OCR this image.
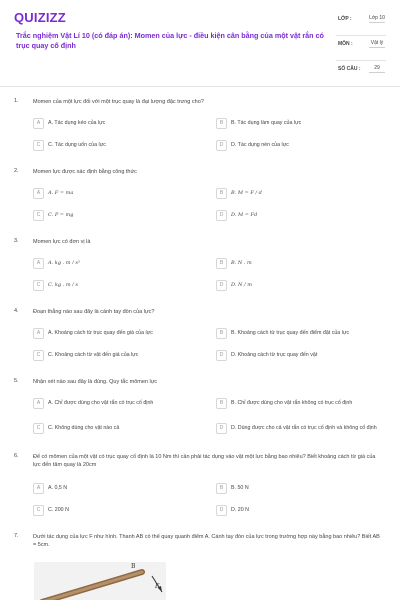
QUIZIZZ
Trắc nghiệm Vật Lí 10 (có đáp án): Momen của lực - điều kiện cân bằng của một vật rắn có trục quay cố định
LỚP :	Lớp 10
MÔN :	Vật lý
SỐ CÂU :	29
1.	Momen của một lực đối với một trục quay là đại lượng đặc trưng cho?
A	A. Tác dụng kéo của lực	B	B. Tác dụng làm quay của lực
C	C. Tác dụng uốn của lực	D	D. Tác dụng nén của lực
2.	Momen lực được xác định bằng công thức
A	A. F = ma	B	B. M = F / d
C	C. P = mg	D	D. M = Fd
3.	Momen lực có đơn vị là
A	A. kg . m / s²	B	B. N . m
C	C. kg . m / s	D	D. N / m
4.	Đoạn thẳng nào sau đây là cánh tay đòn của lực?
A	A. Khoảng cách từ trục quay đến giá của lực	B	B. Khoảng cách từ trục quay đến điểm đặt của lực
C	C. Khoảng cách từ vật đến giá của lực	D	D. Khoảng cách từ trục quay đến vật
5.	Nhận xét nào sau đây là đúng. Quy tắc mômen lực
A	A. Chỉ được dùng cho vật rắn có trục cố định	B	B. Chỉ được dùng cho vật rắn không có trục cố định
C	C. Không dùng cho vật nào cả	D	D. Dùng được cho cả vật rắn có trục cố định và không cố định
6.	Để có mômen của một vật có trục quay cố định là 10 Nm thì cần phải tác dụng vào vật một lực bằng bao nhiêu? Biết khoảng cách từ giá của lực đến tâm quay là 20cm
A	A. 0,5 N	B	B. 50 N
C	C. 200 N	D	D. 20 N
7.	Dưới tác dụng của lực F như hình. Thanh AB có thể quay quanh điểm A. Cánh tay đòn của lực trong trường hợp này bằng bao nhiêu? Biết AB = 5cm.
B
F
